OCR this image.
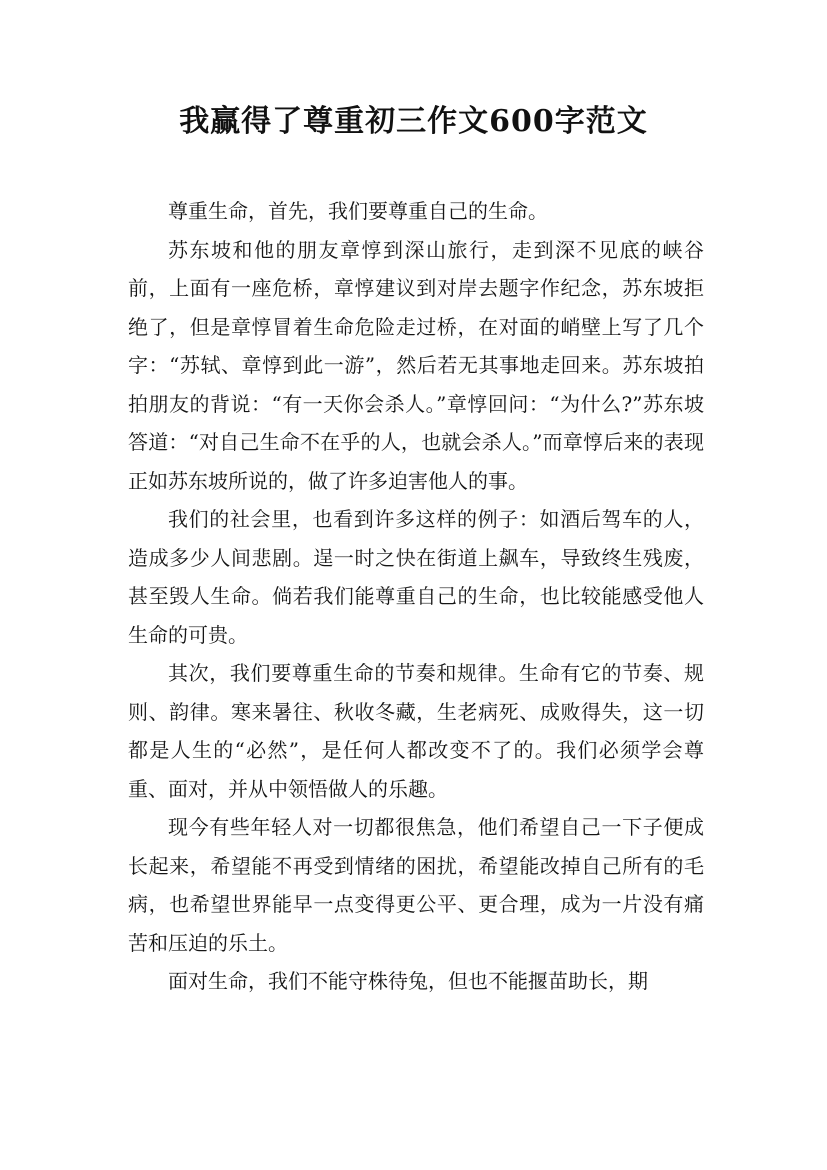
我赢得了尊重初三作文600字范文

尊重生命，首先，我们要尊重自己的生命。

苏东坡和他的朋友章惇到深山旅行，走到深不见底的峡谷前，上面有一座危桥，章惇建议到对岸去题字作纪念，苏东坡拒绝了，但是章惇冒着生命危险走过桥，在对面的峭壁上写了几个字：“苏轼、章惇到此一游”，然后若无其事地走回来。苏东坡拍拍朋友的背说：“有一天你会杀人。”章惇回问：“为什么?”苏东坡答道：“对自己生命不在乎的人，也就会杀人。”而章惇后来的表现正如苏东坡所说的，做了许多迫害他人的事。

我们的社会里，也看到许多这样的例子：如酒后驾车的人，造成多少人间悲剧。逞一时之快在街道上飙车，导致终生残废，甚至毁人生命。倘若我们能尊重自己的生命，也比较能感受他人生命的可贵。

其次，我们要尊重生命的节奏和规律。生命有它的节奏、规则、韵律。寒来暑往、秋收冬藏，生老病死、成败得失，这一切都是人生的“必然”，是任何人都改变不了的。我们必须学会尊重、面对，并从中领悟做人的乐趣。

现今有些年轻人对一切都很焦急，他们希望自己一下子便成长起来，希望能不再受到情绪的困扰，希望能改掉自己所有的毛病，也希望世界能早一点变得更公平、更合理，成为一片没有痛苦和压迫的乐土。

面对生命，我们不能守株待兔，但也不能揠苗助长，期
